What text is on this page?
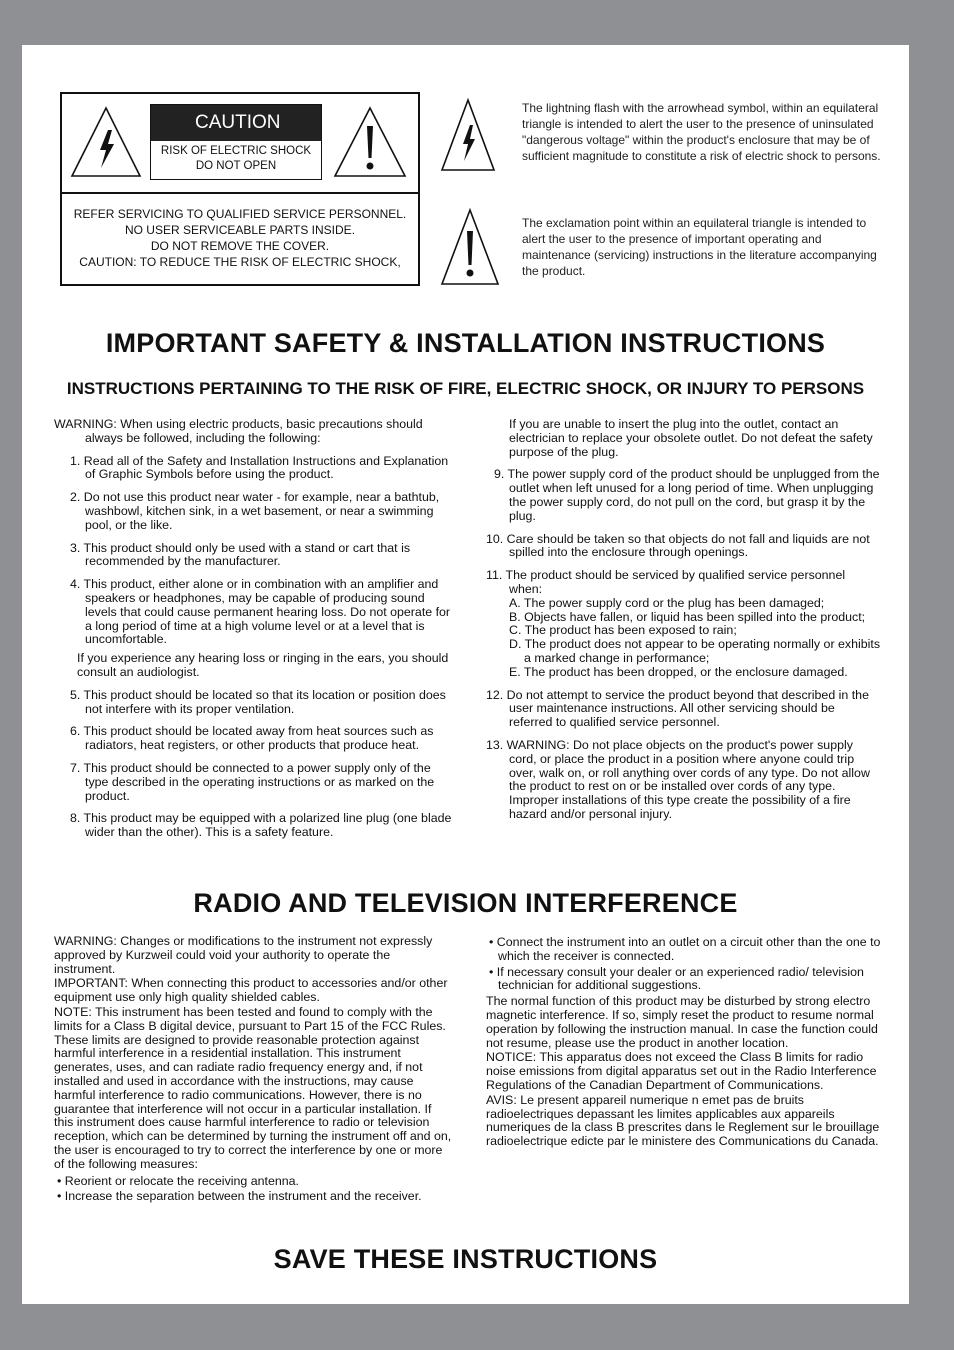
CAUTION
RISK OF ELECTRIC SHOCK
DO NOT OPEN
REFER SERVICING TO QUALIFIED SERVICE PERSONNEL.
NO USER SERVICEABLE PARTS INSIDE.
DO NOT REMOVE THE COVER.
CAUTION: TO REDUCE THE RISK OF ELECTRIC SHOCK,
The lightning flash with the arrowhead symbol, within an equilateral triangle is intended to alert the user to the presence of uninsulated "dangerous voltage" within the product's enclosure that may be of sufficient magnitude to constitute a risk of electric shock to persons.
The exclamation point within an equilateral triangle is intended to alert the user to the presence of important operating and maintenance (servicing) instructions in the literature accompanying the product.
IMPORTANT SAFETY & INSTALLATION INSTRUCTIONS
INSTRUCTIONS PERTAINING TO THE RISK OF FIRE, ELECTRIC SHOCK, OR INJURY TO PERSONS

WARNING: When using electric products, basic precautions should always be followed, including the following:

1. Read all of the Safety and Installation Instructions and Explanation of Graphic Symbols before using the product.

2. Do not use this product near water - for example, near a bathtub, washbowl, kitchen sink, in a wet basement, or near a swimming pool, or the like.

3. This product should only be used with a stand or cart that is recommended by the manufacturer.

4. This product, either alone or in combination with an amplifier and speakers or headphones, may be capable of producing sound levels that could cause permanent hearing loss. Do not operate for a long period of time at a high volume level or at a level that is uncomfortable.

If you experience any hearing loss or ringing in the ears, you should consult an audiologist.

5. This product should be located so that its location or position does not interfere with its proper ventilation.

6. This product should be located away from heat sources such as radiators, heat registers, or other products that produce heat.

7. This product should be connected to a power supply only of the type described in the operating instructions or as marked on the product.

8. This product may be equipped with a polarized line plug (one blade wider than the other). This is a safety feature.

If you are unable to insert the plug into the outlet, contact an electrician to replace your obsolete outlet. Do not defeat the safety purpose of the plug.

9. The power supply cord of the product should be unplugged from the outlet when left unused for a long period of time. When unplugging the power supply cord, do not pull on the cord, but grasp it by the plug.

10. Care should be taken so that objects do not fall and liquids are not spilled into the enclosure through openings.

11. The product should be serviced by qualified service personnel when:
A. The power supply cord or the plug has been damaged;
B. Objects have fallen, or liquid has been spilled into the product;
C. The product has been exposed to rain;
D. The product does not appear to be operating normally or exhibits a marked change in performance;
E. The product has been dropped, or the enclosure damaged.

12. Do not attempt to service the product beyond that described in the user maintenance instructions. All other servicing should be referred to qualified service personnel.

13. WARNING: Do not place objects on the product's power supply cord, or place the product in a position where anyone could trip over, walk on, or roll anything over cords of any type. Do not allow the product to rest on or be installed over cords of any type. Improper installations of this type create the possibility of a fire hazard and/or personal injury.

RADIO AND TELEVISION INTERFERENCE

WARNING: Changes or modifications to the instrument not expressly approved by Kurzweil could void your authority to operate the instrument.

IMPORTANT: When connecting this product to accessories and/or other equipment use only high quality shielded cables.

NOTE: This instrument has been tested and found to comply with the limits for a Class B digital device, pursuant to Part 15 of the FCC Rules. These limits are designed to provide reasonable protection against harmful interference in a residential installation. This instrument generates, uses, and can radiate radio frequency energy and, if not installed and used in accordance with the instructions, may cause harmful interference to radio communications. However, there is no guarantee that interference will not occur in a particular installation. If this instrument does cause harmful interference to radio or television reception, which can be determined by turning the instrument off and on, the user is encouraged to try to correct the interference by one or more of the following measures:

• Reorient or relocate the receiving antenna.
• Increase the separation between the instrument and the receiver.
• Connect the instrument into an outlet on a circuit other than the one to which the receiver is connected.
• If necessary consult your dealer or an experienced radio/ television technician for additional suggestions.

The normal function of this product may be disturbed by strong electro magnetic interference. If so, simply reset the product to resume normal operation by following the instruction manual. In case the function could not resume, please use the product in another location.

NOTICE: This apparatus does not exceed the Class B limits for radio noise emissions from digital apparatus set out in the Radio Interference Regulations of the Canadian Department of Communications.

AVIS: Le present appareil numerique n emet pas de bruits radioelectriques depassant les limites applicables aux appareils numeriques de la class B prescrites dans le Reglement sur le brouillage radioelectrique edicte par le ministere des Communications du Canada.

SAVE THESE INSTRUCTIONS
